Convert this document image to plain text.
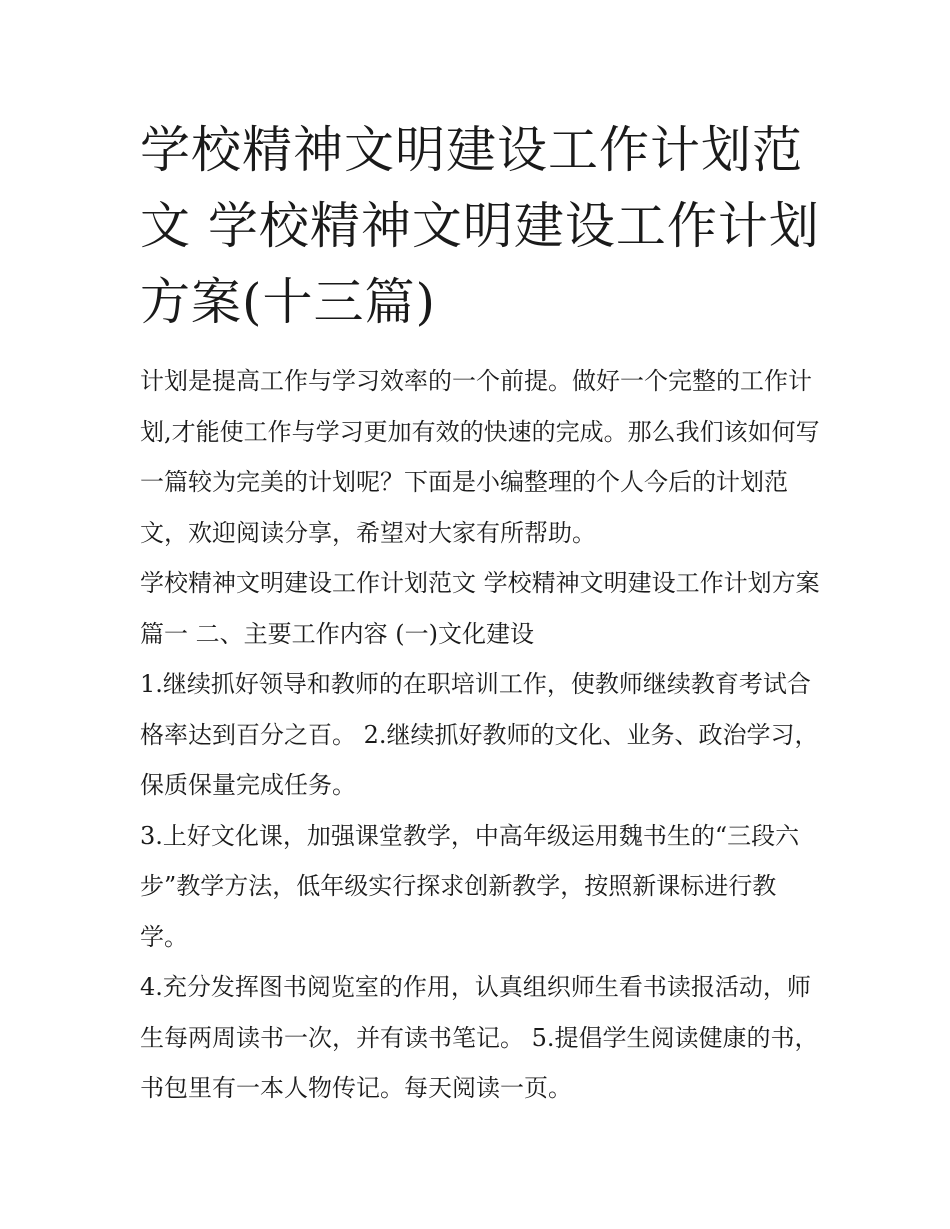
学校精神文明建设工作计划范文 学校精神文明建设工作计划方案(十三篇)

计划是提高工作与学习效率的一个前提。做好一个完整的工作计划,才能使工作与学习更加有效的快速的完成。那么我们该如何写一篇较为完美的计划呢？下面是小编整理的个人今后的计划范文，欢迎阅读分享，希望对大家有所帮助。

学校精神文明建设工作计划范文 学校精神文明建设工作计划方案篇一 二、主要工作内容 (一)文化建设

1.继续抓好领导和教师的在职培训工作，使教师继续教育考试合格率达到百分之百。 2.继续抓好教师的文化、业务、政治学习，保质保量完成任务。

3.上好文化课，加强课堂教学，中高年级运用魏书生的“三段六步”教学方法，低年级实行探求创新教学，按照新课标进行教学。

4.充分发挥图书阅览室的作用，认真组织师生看书读报活动，师生每两周读书一次，并有读书笔记。 5.提倡学生阅读健康的书，书包里有一本人物传记。每天阅读一页。
